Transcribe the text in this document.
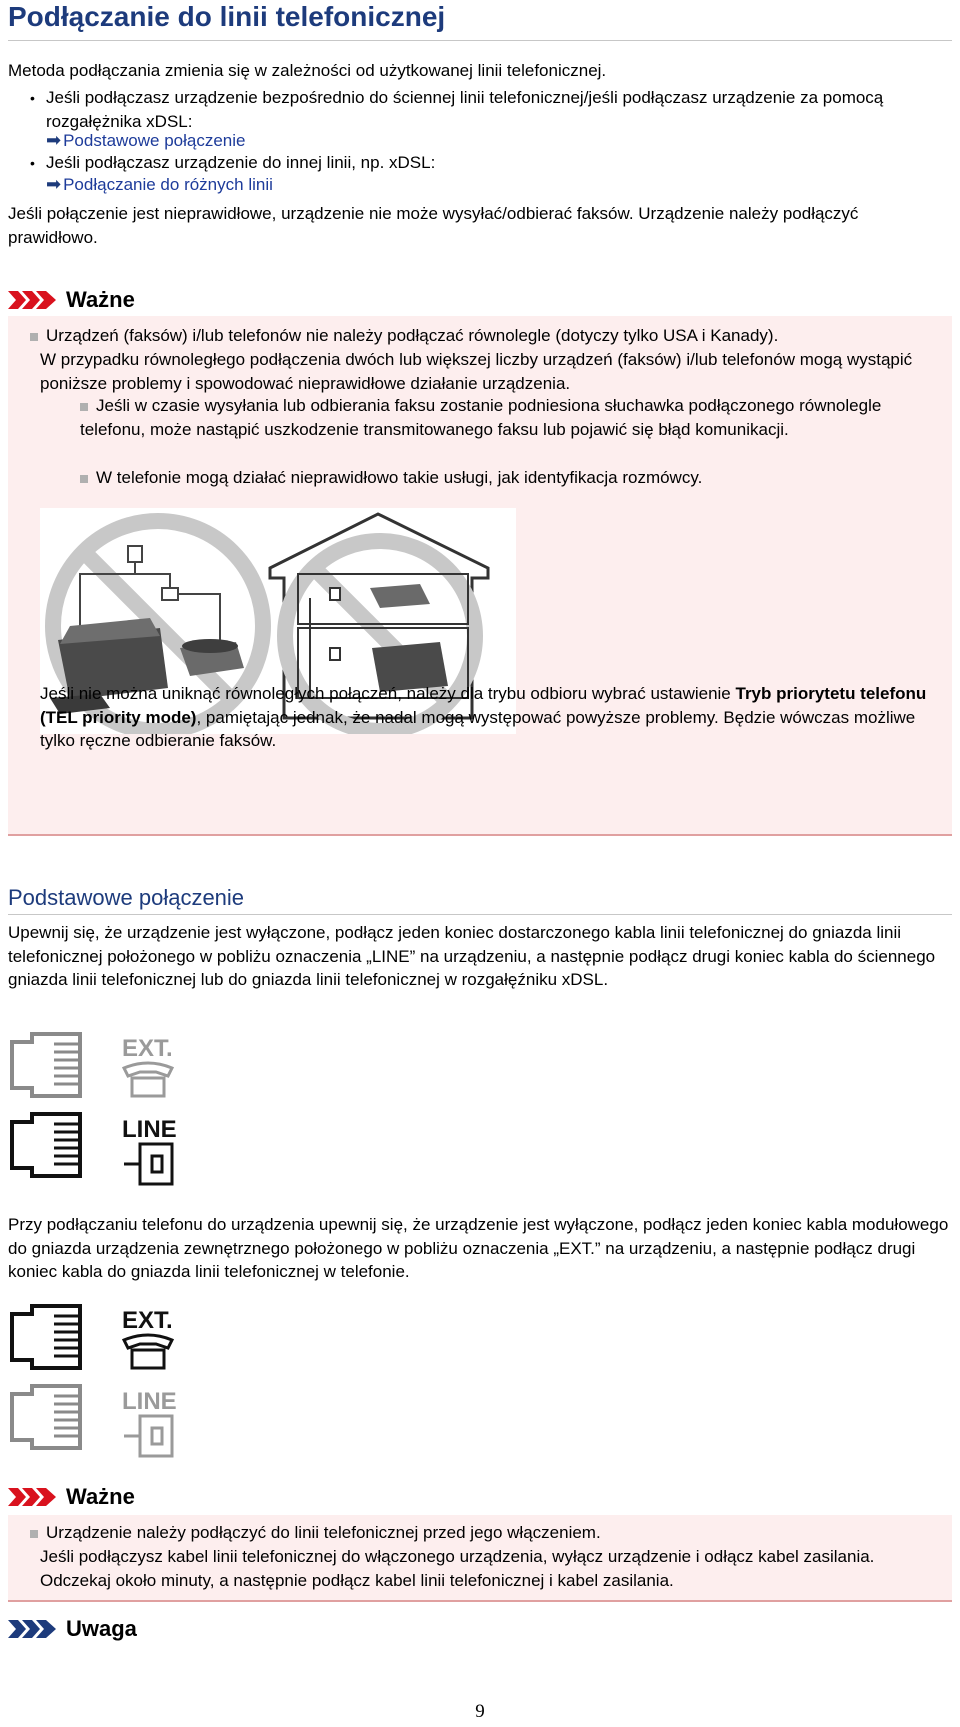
Podłączanie do linii telefonicznej
Metoda podłączania zmienia się w zależności od użytkowanej linii telefonicznej.
• Jeśli podłączasz urządzenie bezpośrednio do ściennej linii telefonicznej/jeśli podłączasz urządzenie za pomocą rozgałężnika xDSL:
➡ Podstawowe połączenie
• Jeśli podłączasz urządzenie do innej linii, np. xDSL:
➡ Podłączanie do różnych linii
Jeśli połączenie jest nieprawidłowe, urządzenie nie może wysyłać/odbierać faksów. Urządzenie należy podłączyć prawidłowo.
Ważne
Urządzeń (faksów) i/lub telefonów nie należy podłączać równolegle (dotyczy tylko USA i Kanady).
W przypadku równoległego podłączenia dwóch lub większej liczby urządzeń (faksów) i/lub telefonów mogą wystąpić poniższe problemy i spowodować nieprawidłowe działanie urządzenia.
Jeśli w czasie wysyłania lub odbierania faksu zostanie podniesiona słuchawka podłączonego równolegle telefonu, może nastąpić uszkodzenie transmitowanego faksu lub pojawić się błąd komunikacji.
W telefonie mogą działać nieprawidłowo takie usługi, jak identyfikacja rozmówcy.
Jeśli nie można uniknąć równoległych połączeń, należy dla trybu odbioru wybrać ustawienie Tryb priorytetu telefonu (TEL priority mode), pamiętając jednak, że nadal mogą występować powyższe problemy. Będzie wówczas możliwe tylko ręczne odbieranie faksów.
Podstawowe połączenie
Upewnij się, że urządzenie jest wyłączone, podłącz jeden koniec dostarczonego kabla linii telefonicznej do gniazda linii telefonicznej położonego w pobliżu oznaczenia „LINE” na urządzeniu, a następnie podłącz drugi koniec kabla do ściennego gniazda linii telefonicznej lub do gniazda linii telefonicznej w rozgałęźniku xDSL.
EXT.
LINE
Przy podłączaniu telefonu do urządzenia upewnij się, że urządzenie jest wyłączone, podłącz jeden koniec kabla modułowego do gniazda urządzenia zewnętrznego położonego w pobliżu oznaczenia „EXT.” na urządzeniu, a następnie podłącz drugi koniec kabla do gniazda linii telefonicznej w telefonie.
EXT.
LINE
Ważne
Urządzenie należy podłączyć do linii telefonicznej przed jego włączeniem.
Jeśli podłączysz kabel linii telefonicznej do włączonego urządzenia, wyłącz urządzenie i odłącz kabel zasilania. Odczekaj około minuty, a następnie podłącz kabel linii telefonicznej i kabel zasilania.
Uwaga
9
